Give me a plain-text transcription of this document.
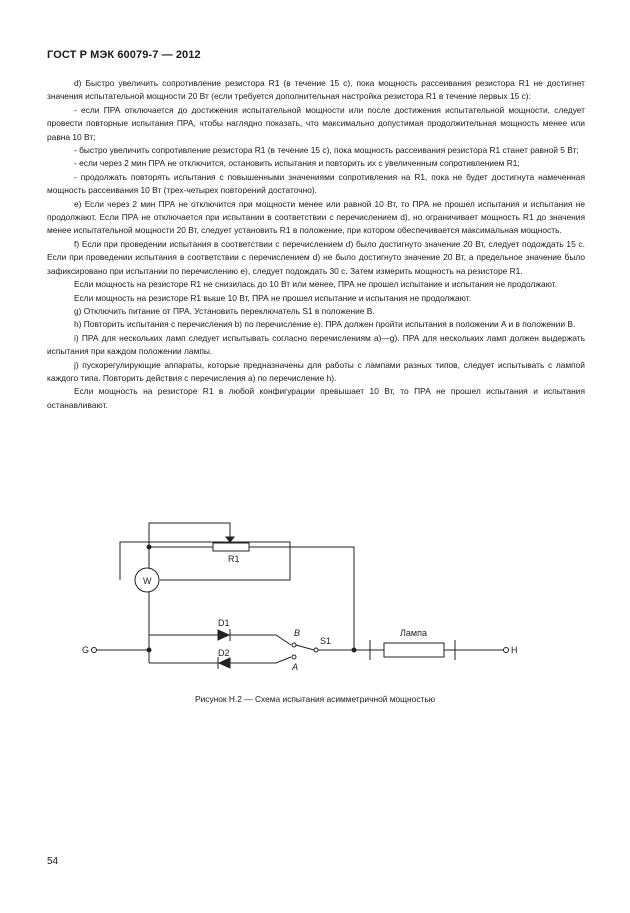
ГОСТ Р МЭК 60079-7 — 2012

d) Быстро увеличить сопротивление резистора R1 (в течение 15 с), пока мощность рассеивания резистора R1 не достигнет значения испытательной мощности 20 Вт (если требуется дополнительная настройка резистора R1 в течение первых 15 с):

- если ПРА отключается до достижения испытательной мощности или после достижения испытательной мощности, следует провести повторные испытания ПРА, чтобы наглядно показать, что максимально допустимая продолжительная мощность менее или равна 10 Вт;

- быстро увеличить сопротивление резистора R1 (в течение 15 с), пока мощность рассеивания резистора R1 станет равной 5 Вт;

- если через 2 мин ПРА не отключится, остановить испытания и повторить их с увеличенным сопротивлением R1;

- продолжать повторять испытания с повышенными значениями сопротивления на R1, пока не будет достигнута намеченная мощность рассеивания 10 Вт (трех-четырех повторений достаточно).

e) Если через 2 мин ПРА не отключится при мощности менее или равной 10 Вт, то ПРА не прошел испытания и испытания не продолжают. Если ПРА не отключается при испытании в соответствии с перечислением d), но ограничивает мощность R1 до значения менее испытательной мощности 20 Вт, следует установить R1 в положение, при котором обеспечивается максимальная мощность.

f) Если при проведении испытания в соответствии с перечислением d) было достигнуто значение 20 Вт, следует подождать 15 с. Если при проведении испытания в соответствии с перечислением d) не было достигнуто значение 20 Вт, а предельное значение было зафиксировано при испытании по перечислению e), следует подождать 30 с. Затем измерить мощность на резисторе R1.

Если мощность на резисторе R1 не снизилась до 10 Вт или менее, ПРА не прошел испытание и испытания не продолжают.

Если мощность на резисторе R1 выше 10 Вт, ПРА не прошел испытание и испытания не продолжают.

g) Отключить питание от ПРА. Установить переключатель S1 в положение B.

h) Повторить испытания с перечисления b) по перечисление e). ПРА должен пройти испытания в положении A и в положении B.

i) ПРА для нескольких ламп следует испытывать согласно перечислениям a)—g). ПРА для нескольких ламп должен выдержать испытания при каждом положении лампы.

j) пускорегулирующие аппараты, которые предназначены для работы с лампами разных типов, следует испытывать с лампой каждого типа. Повторить действия с перечисления a) по перечисление h).

Если мощность на резисторе R1 в любой конфигурации превышает 10 Вт, то ПРА не прошел испытания и испытания останавливают.

R1
W
D1
D2
B
A
S1
Лампа
G	H
Рисунок H.2 — Схема испытания асимметричной мощностью
54
